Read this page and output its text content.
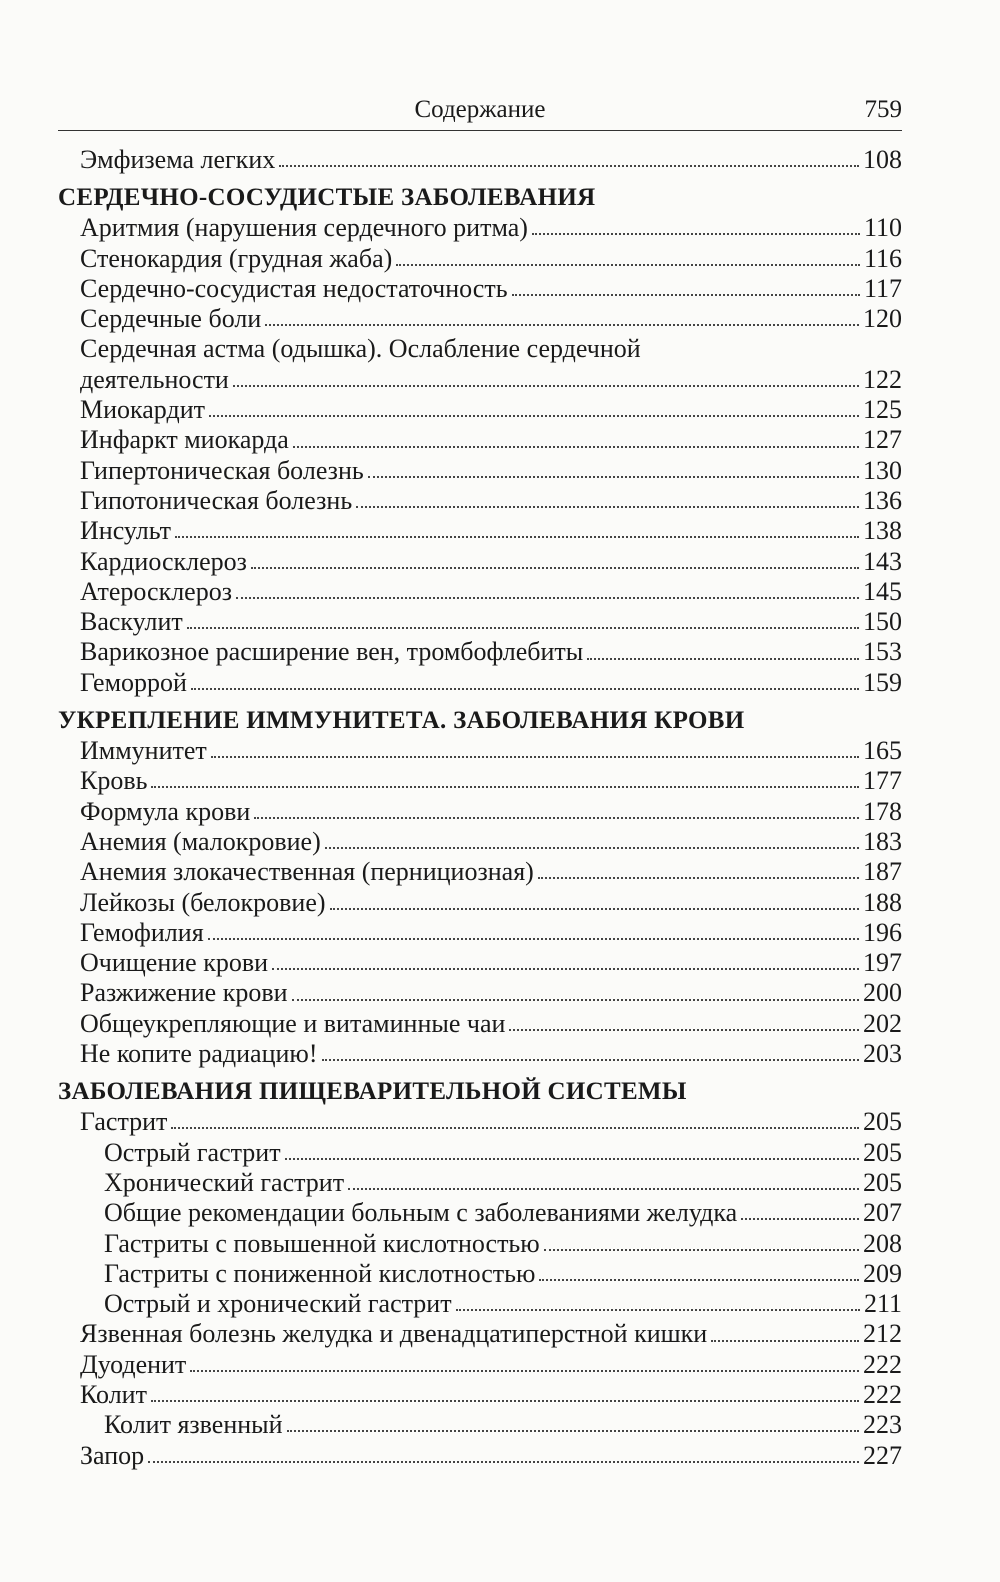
Содержание	759
Эмфизема легких	108
СЕРДЕЧНО-СОСУДИСТЫЕ ЗАБОЛЕВАНИЯ
Аритмия (нарушения сердечного ритма)	110
Стенокардия (грудная жаба)	116
Сердечно-сосудистая недостаточность	117
Сердечные боли	120
Сердечная астма (одышка). Ослабление сердечной
деятельности	122
Миокардит	125
Инфаркт миокарда	127
Гипертоническая болезнь	130
Гипотоническая болезнь	136
Инсульт	138
Кардиосклероз	143
Атеросклероз	145
Васкулит	150
Варикозное расширение вен, тромбофлебиты	153
Геморрой	159
УКРЕПЛЕНИЕ ИММУНИТЕТА. ЗАБОЛЕВАНИЯ КРОВИ
Иммунитет	165
Кровь	177
Формула крови	178
Анемия (малокровие)	183
Анемия злокачественная (пернициозная)	187
Лейкозы (белокровие)	188
Гемофилия	196
Очищение крови	197
Разжижение крови	200
Общеукрепляющие и витаминные чаи	202
Не копите радиацию!	203
ЗАБОЛЕВАНИЯ ПИЩЕВАРИТЕЛЬНОЙ СИСТЕМЫ
Гастрит	205
Острый гастрит	205
Хронический гастрит	205
Общие рекомендации больным с заболеваниями желудка	207
Гастриты с повышенной кислотностью	208
Гастриты с пониженной кислотностью	209
Острый и хронический гастрит	211
Язвенная болезнь желудка и двенадцатиперстной кишки	212
Дуоденит	222
Колит	222
Колит язвенный	223
Запор	227
